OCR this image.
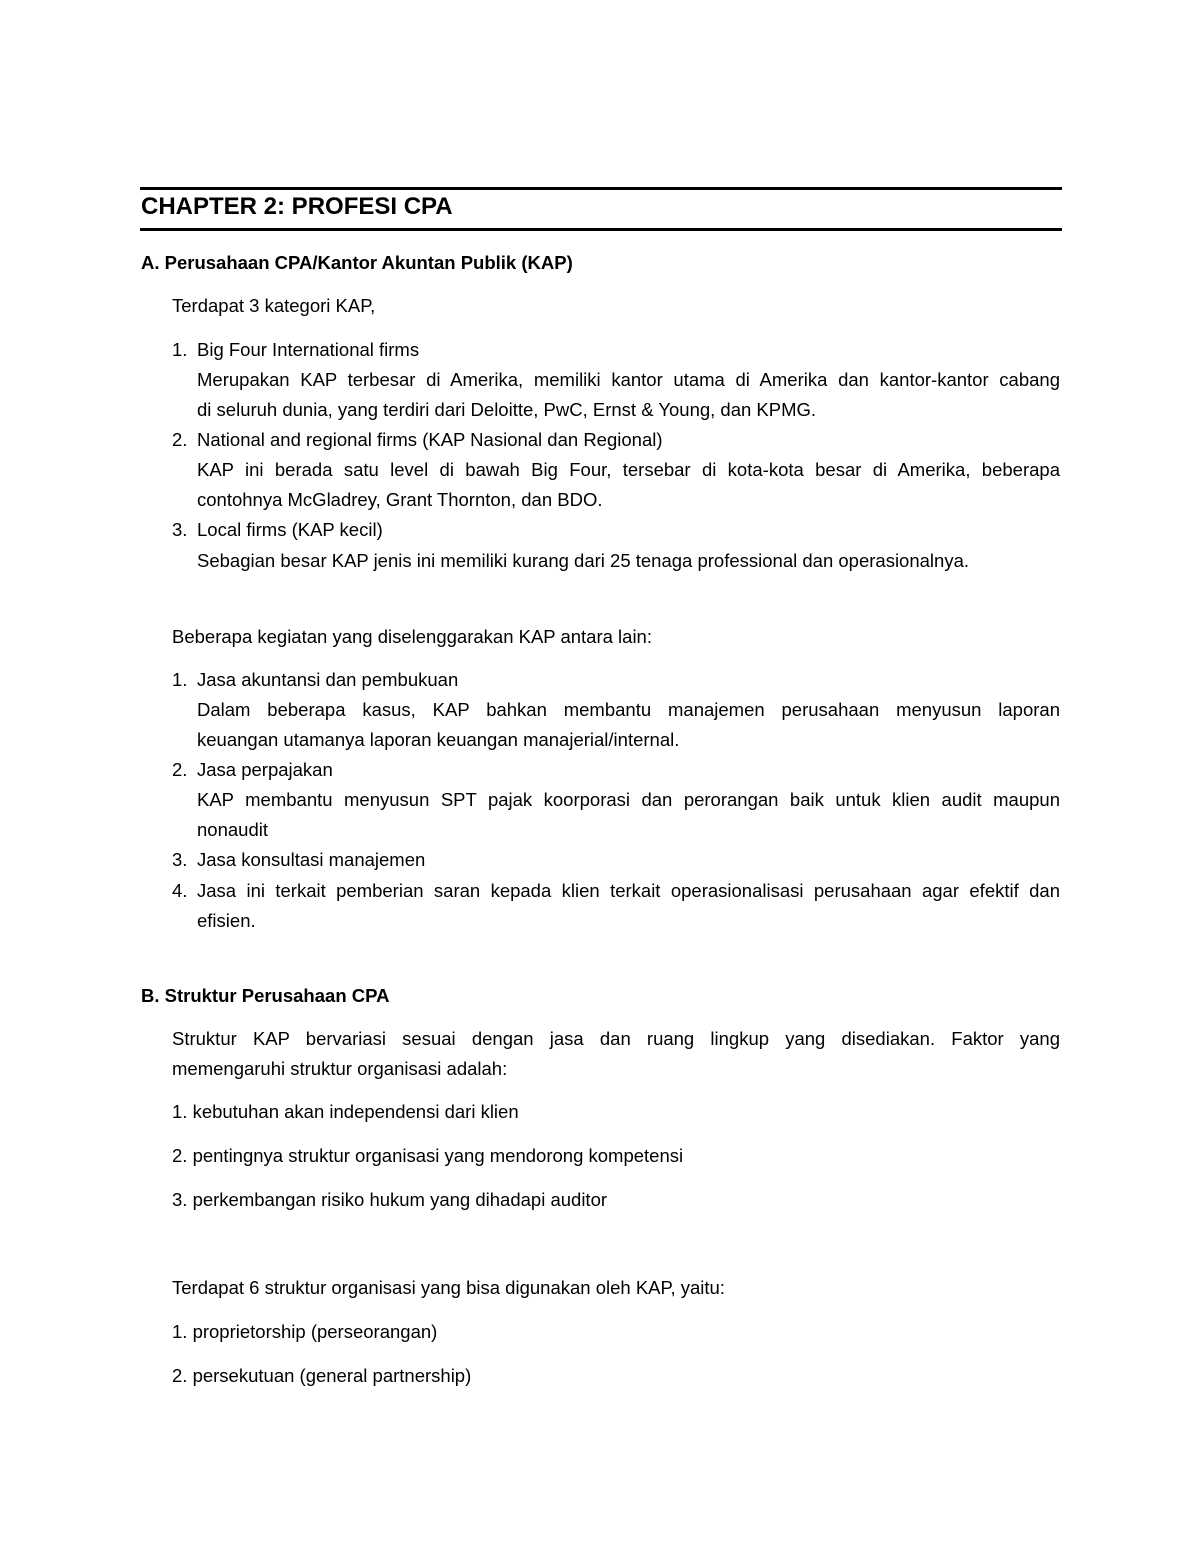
CHAPTER 2: PROFESI CPA
A. Perusahaan CPA/Kantor Akuntan Publik (KAP)
Terdapat 3 kategori KAP,
1. Big Four International firms
Merupakan KAP terbesar di Amerika, memiliki kantor utama di Amerika dan kantor-kantor cabang
di seluruh dunia, yang terdiri dari Deloitte, PwC, Ernst & Young, dan KPMG.
2. National and regional firms (KAP Nasional dan Regional)
KAP ini berada satu level di bawah Big Four, tersebar di kota-kota besar di Amerika, beberapa
contohnya McGladrey, Grant Thornton, dan BDO.
3. Local firms (KAP kecil)
Sebagian besar KAP jenis ini memiliki kurang dari 25 tenaga professional dan operasionalnya.
Beberapa kegiatan yang diselenggarakan KAP antara lain:
1. Jasa akuntansi dan pembukuan
Dalam beberapa kasus, KAP bahkan membantu manajemen perusahaan menyusun laporan
keuangan utamanya laporan keuangan manajerial/internal.
2. Jasa perpajakan
KAP membantu menyusun SPT pajak koorporasi dan perorangan baik untuk klien audit maupun
nonaudit
3. Jasa konsultasi manajemen
4. Jasa ini terkait pemberian saran kepada klien terkait operasionalisasi perusahaan agar efektif dan
efisien.
B. Struktur Perusahaan CPA
Struktur KAP bervariasi sesuai dengan jasa dan ruang lingkup yang disediakan. Faktor yang
memengaruhi struktur organisasi adalah:
1. kebutuhan akan independensi dari klien
2. pentingnya struktur organisasi yang mendorong kompetensi
3. perkembangan risiko hukum yang dihadapi auditor
Terdapat 6 struktur organisasi yang bisa digunakan oleh KAP, yaitu:
1. proprietorship (perseorangan)
2. persekutuan (general partnership)
